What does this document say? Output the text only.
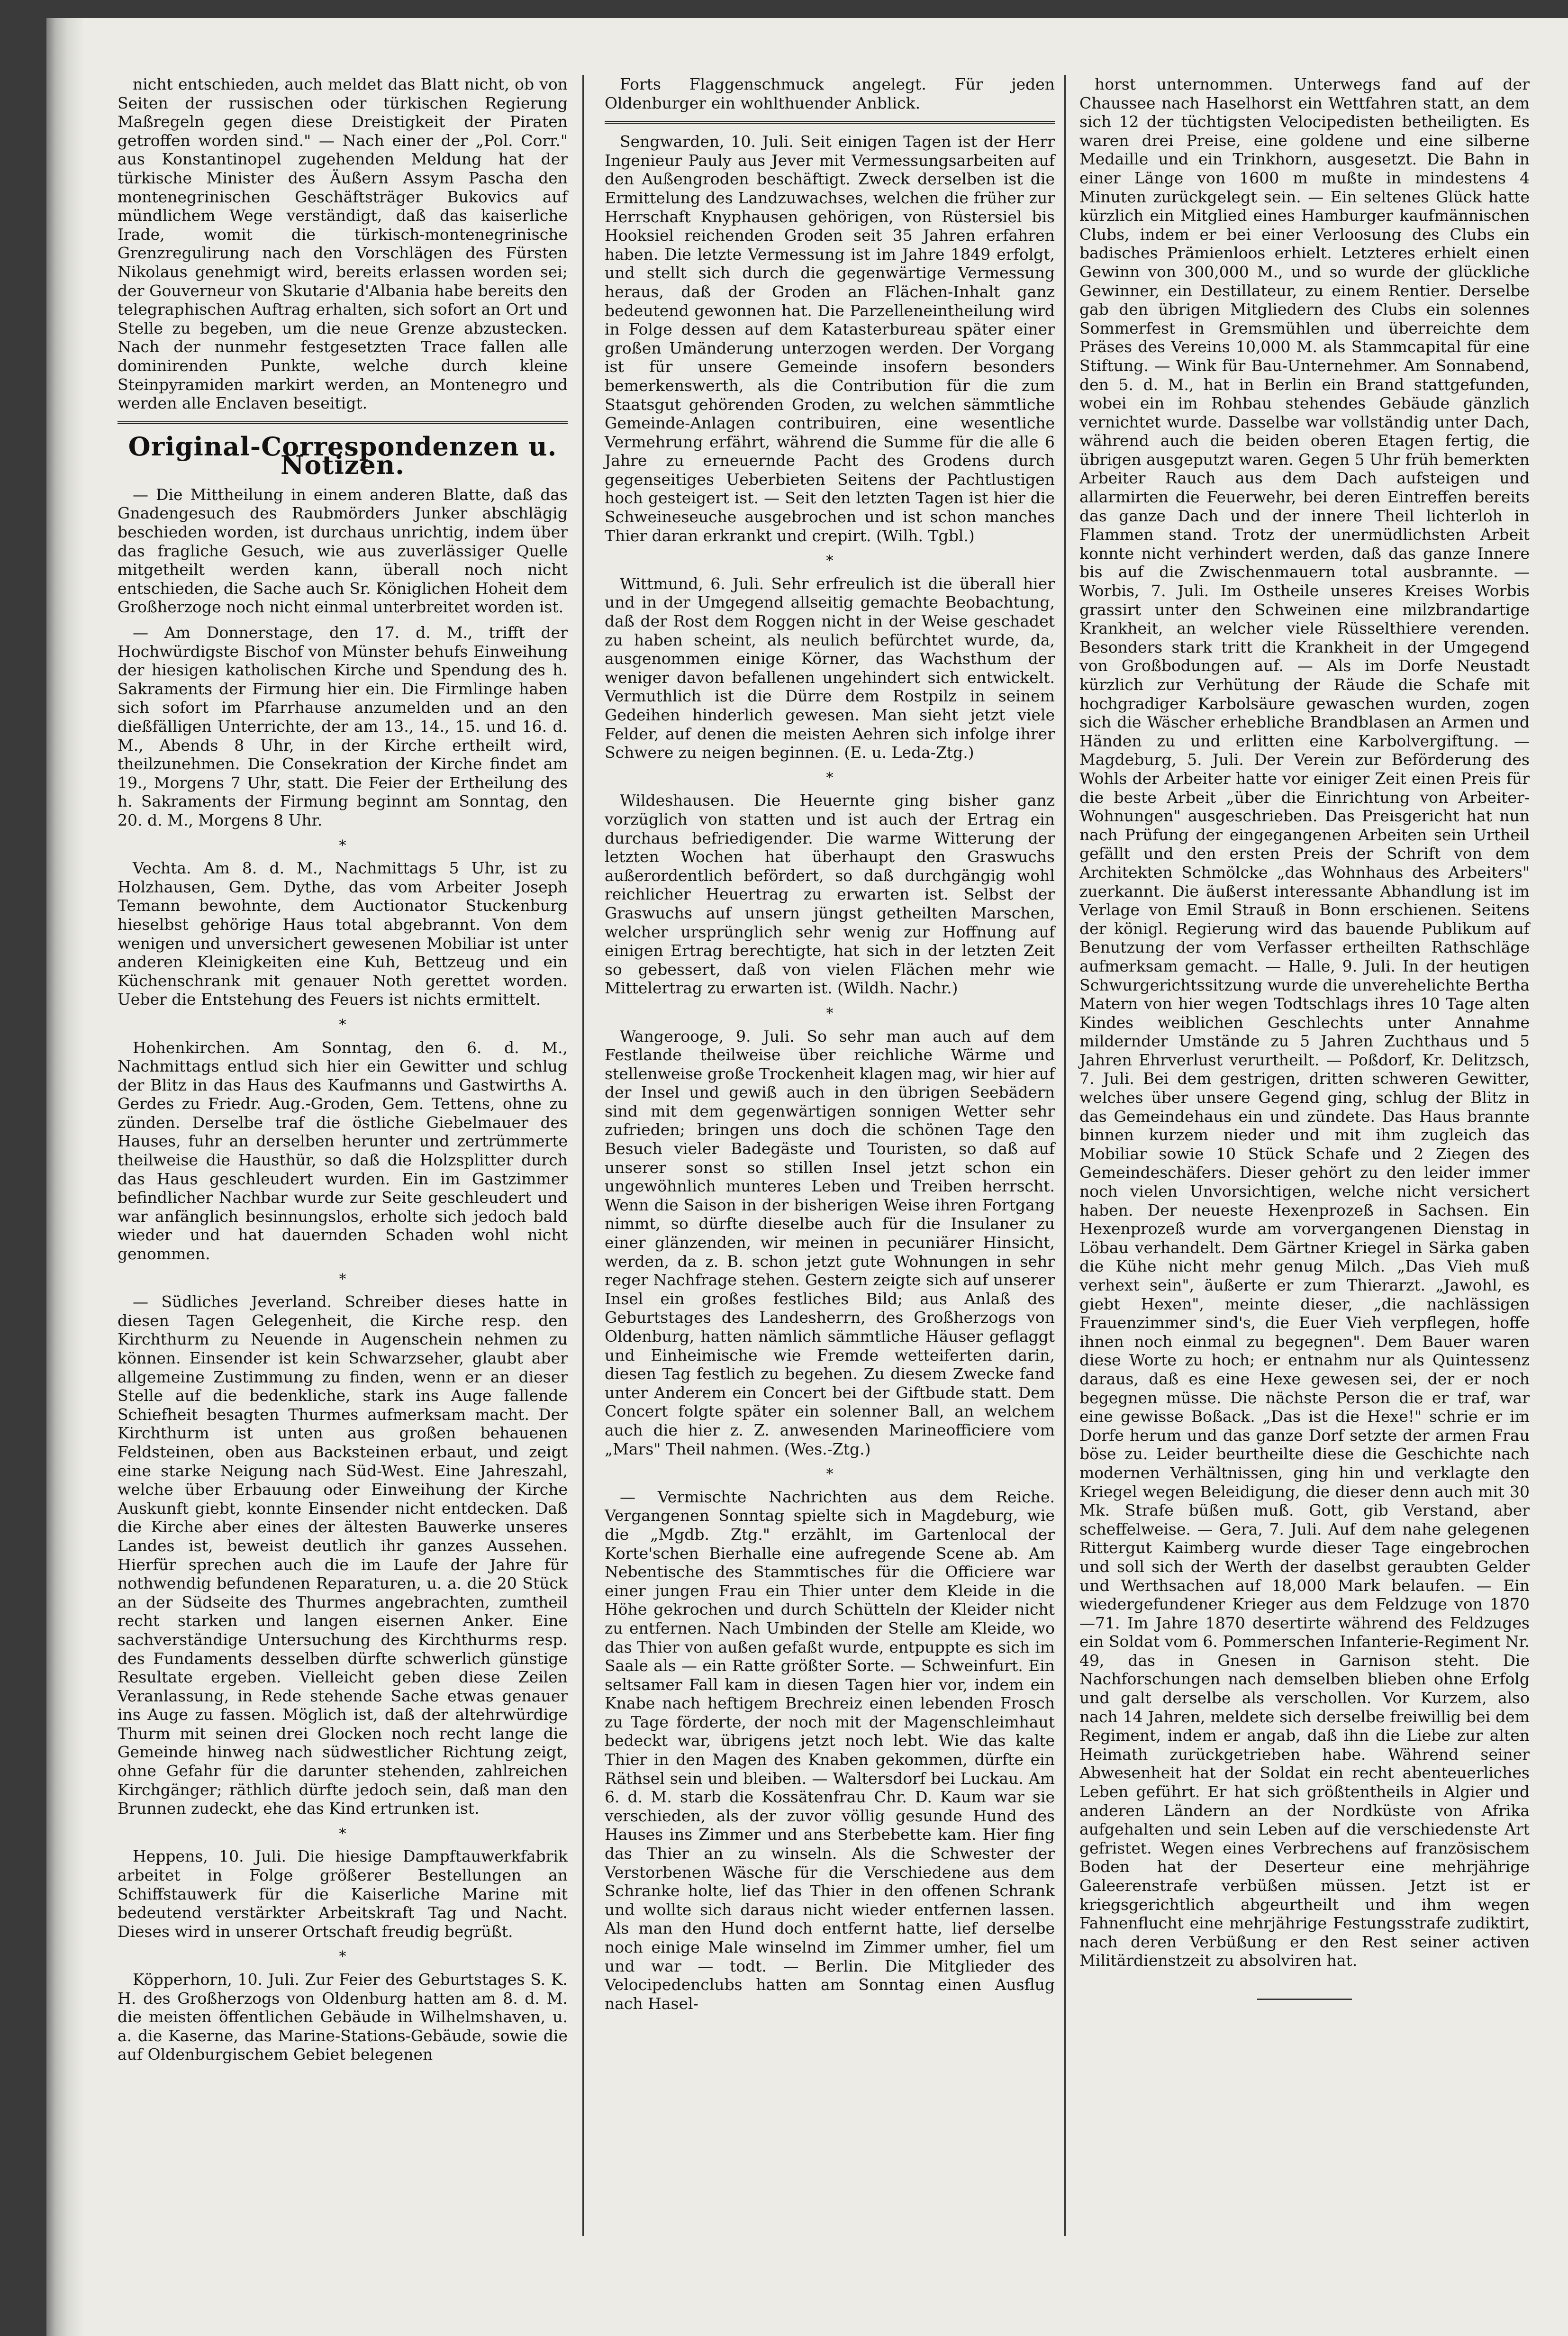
nicht entschieden, auch meldet das Blatt nicht, ob von Seiten der russischen oder türkischen Regierung Maßregeln gegen diese Dreistigkeit der Piraten getroffen worden sind." — Nach einer der „Pol. Corr." aus Konstantinopel zugehenden Meldung hat der türkische Minister des Äußern Assym Pascha den montenegrinischen Geschäftsträger Bukovics auf mündlichem Wege verständigt, daß das kaiserliche Irade, womit die türkisch-montenegrinische Grenzregulirung nach den Vorschlägen des Fürsten Nikolaus genehmigt wird, bereits erlassen worden sei; der Gouverneur von Skutarie d'Albania habe bereits den telegraphischen Auftrag erhalten, sich sofort an Ort und Stelle zu begeben, um die neue Grenze abzustecken. Nach der nunmehr festgesetzten Trace fallen alle dominirenden Punkte, welche durch kleine Steinpyramiden markirt werden, an Montenegro und werden alle Enclaven beseitigt.

Original-Correspondenzen u. Notizen.

— Die Mittheilung in einem anderen Blatte, daß das Gnadengesuch des Raubmörders Junker abschlägig beschieden worden, ist durchaus unrichtig, indem über das fragliche Gesuch, wie aus zuverlässiger Quelle mitgetheilt werden kann, überall noch nicht entschieden, die Sache auch Sr. Königlichen Hoheit dem Großherzoge noch nicht einmal unterbreitet worden ist.

— Am Donnerstage, den 17. d. M., trifft der Hochwürdigste Bischof von Münster behufs Einweihung der hiesigen katholischen Kirche und Spendung des h. Sakraments der Firmung hier ein. Die Firmlinge haben sich sofort im Pfarrhause anzumelden und an den dießfälligen Unterrichte, der am 13., 14., 15. und 16. d. M., Abends 8 Uhr, in der Kirche ertheilt wird, theilzunehmen. Die Consekration der Kirche findet am 19., Morgens 7 Uhr, statt. Die Feier der Ertheilung des h. Sakraments der Firmung beginnt am Sonntag, den 20. d. M., Morgens 8 Uhr.

*

Vechta. Am 8. d. M., Nachmittags 5 Uhr, ist zu Holzhausen, Gem. Dythe, das vom Arbeiter Joseph Temann bewohnte, dem Auctionator Stuckenburg hieselbst gehörige Haus total abgebrannt. Von dem wenigen und unversichert gewesenen Mobiliar ist unter anderen Kleinigkeiten eine Kuh, Bettzeug und ein Küchenschrank mit genauer Noth gerettet worden. Ueber die Entstehung des Feuers ist nichts ermittelt.

*

Hohenkirchen. Am Sonntag, den 6. d. M., Nachmittags entlud sich hier ein Gewitter und schlug der Blitz in das Haus des Kaufmanns und Gastwirths A. Gerdes zu Friedr. Aug.-Groden, Gem. Tettens, ohne zu zünden. Derselbe traf die östliche Giebelmauer des Hauses, fuhr an derselben herunter und zertrümmerte theilweise die Hausthür, so daß die Holzsplitter durch das Haus geschleudert wurden. Ein im Gastzimmer befindlicher Nachbar wurde zur Seite geschleudert und war anfänglich besinnungslos, erholte sich jedoch bald wieder und hat dauernden Schaden wohl nicht genommen.

*

— Südliches Jeverland. Schreiber dieses hatte in diesen Tagen Gelegenheit, die Kirche resp. den Kirchthurm zu Neuende in Augenschein nehmen zu können. Einsender ist kein Schwarzseher, glaubt aber allgemeine Zustimmung zu finden, wenn er an dieser Stelle auf die bedenkliche, stark ins Auge fallende Schiefheit besagten Thurmes aufmerksam macht. Der Kirchthurm ist unten aus großen behauenen Feldsteinen, oben aus Backsteinen erbaut, und zeigt eine starke Neigung nach Süd-West. Eine Jahreszahl, welche über Erbauung oder Einweihung der Kirche Auskunft giebt, konnte Einsender nicht entdecken. Daß die Kirche aber eines der ältesten Bauwerke unseres Landes ist, beweist deutlich ihr ganzes Aussehen. Hierfür sprechen auch die im Laufe der Jahre für nothwendig befundenen Reparaturen, u. a. die 20 Stück an der Südseite des Thurmes angebrachten, zumtheil recht starken und langen eisernen Anker. Eine sachverständige Untersuchung des Kirchthurms resp. des Fundaments desselben dürfte schwerlich günstige Resultate ergeben. Vielleicht geben diese Zeilen Veranlassung, in Rede stehende Sache etwas genauer ins Auge zu fassen. Möglich ist, daß der altehrwürdige Thurm mit seinen drei Glocken noch recht lange die Gemeinde hinweg nach südwestlicher Richtung zeigt, ohne Gefahr für die darunter stehenden, zahlreichen Kirchgänger; räthlich dürfte jedoch sein, daß man den Brunnen zudeckt, ehe das Kind ertrunken ist.

*

Heppens, 10. Juli. Die hiesige Dampftauwerkfabrik arbeitet in Folge größerer Bestellungen an Schiffstauwerk für die Kaiserliche Marine mit bedeutend verstärkter Arbeitskraft Tag und Nacht. Dieses wird in unserer Ortschaft freudig begrüßt.

*

Köpperhorn, 10. Juli. Zur Feier des Geburtstages S. K. H. des Großherzogs von Oldenburg hatten am 8. d. M. die meisten öffentlichen Gebäude in Wilhelmshaven, u. a. die Kaserne, das Marine-Stations-Gebäude, sowie die auf Oldenburgischem Gebiet belegenen

Forts Flaggenschmuck angelegt. Für jeden Oldenburger ein wohlthuender Anblick.

Sengwarden, 10. Juli. Seit einigen Tagen ist der Herr Ingenieur Pauly aus Jever mit Vermessungsarbeiten auf den Außengroden beschäftigt. Zweck derselben ist die Ermittelung des Landzuwachses, welchen die früher zur Herrschaft Knyphausen gehörigen, von Rüstersiel bis Hooksiel reichenden Groden seit 35 Jahren erfahren haben. Die letzte Vermessung ist im Jahre 1849 erfolgt, und stellt sich durch die gegenwärtige Vermessung heraus, daß der Groden an Flächen-Inhalt ganz bedeutend gewonnen hat. Die Parzelleneintheilung wird in Folge dessen auf dem Katasterbureau später einer großen Umänderung unterzogen werden. Der Vorgang ist für unsere Gemeinde insofern besonders bemerkenswerth, als die Contribution für die zum Staatsgut gehörenden Groden, zu welchen sämmtliche Gemeinde-Anlagen contribuiren, eine wesentliche Vermehrung erfährt, während die Summe für die alle 6 Jahre zu erneuernde Pacht des Grodens durch gegenseitiges Ueberbieten Seitens der Pachtlustigen hoch gesteigert ist. — Seit den letzten Tagen ist hier die Schweineseuche ausgebrochen und ist schon manches Thier daran erkrankt und crepirt. (Wilh. Tgbl.)

*

Wittmund, 6. Juli. Sehr erfreulich ist die überall hier und in der Umgegend allseitig gemachte Beobachtung, daß der Rost dem Roggen nicht in der Weise geschadet zu haben scheint, als neulich befürchtet wurde, da, ausgenommen einige Körner, das Wachsthum der weniger davon befallenen ungehindert sich entwickelt. Vermuthlich ist die Dürre dem Rostpilz in seinem Gedeihen hinderlich gewesen. Man sieht jetzt viele Felder, auf denen die meisten Aehren sich infolge ihrer Schwere zu neigen beginnen. (E. u. Leda-Ztg.)

*

Wildeshausen. Die Heuernte ging bisher ganz vorzüglich von statten und ist auch der Ertrag ein durchaus befriedigender. Die warme Witterung der letzten Wochen hat überhaupt den Graswuchs außerordentlich befördert, so daß durchgängig wohl reichlicher Heuertrag zu erwarten ist. Selbst der Graswuchs auf unsern jüngst getheilten Marschen, welcher ursprünglich sehr wenig zur Hoffnung auf einigen Ertrag berechtigte, hat sich in der letzten Zeit so gebessert, daß von vielen Flächen mehr wie Mittelertrag zu erwarten ist. (Wildh. Nachr.)

*

Wangerooge, 9. Juli. So sehr man auch auf dem Festlande theilweise über reichliche Wärme und stellenweise große Trockenheit klagen mag, wir hier auf der Insel und gewiß auch in den übrigen Seebädern sind mit dem gegenwärtigen sonnigen Wetter sehr zufrieden; bringen uns doch die schönen Tage den Besuch vieler Badegäste und Touristen, so daß auf unserer sonst so stillen Insel jetzt schon ein ungewöhnlich munteres Leben und Treiben herrscht. Wenn die Saison in der bisherigen Weise ihren Fortgang nimmt, so dürfte dieselbe auch für die Insulaner zu einer glänzenden, wir meinen in pecuniärer Hinsicht, werden, da z. B. schon jetzt gute Wohnungen in sehr reger Nachfrage stehen. Gestern zeigte sich auf unserer Insel ein großes festliches Bild; aus Anlaß des Geburtstages des Landesherrn, des Großherzogs von Oldenburg, hatten nämlich sämmtliche Häuser geflaggt und Einheimische wie Fremde wetteiferten darin, diesen Tag festlich zu begehen. Zu diesem Zwecke fand unter Anderem ein Concert bei der Giftbude statt. Dem Concert folgte später ein solenner Ball, an welchem auch die hier z. Z. anwesenden Marineofficiere vom „Mars" Theil nahmen. (Wes.-Ztg.)

*

— Vermischte Nachrichten aus dem Reiche. Vergangenen Sonntag spielte sich in Magdeburg, wie die „Mgdb. Ztg." erzählt, im Gartenlocal der Korte'schen Bierhalle eine aufregende Scene ab. Am Nebentische des Stammtisches für die Officiere war einer jungen Frau ein Thier unter dem Kleide in die Höhe gekrochen und durch Schütteln der Kleider nicht zu entfernen. Nach Umbinden der Stelle am Kleide, wo das Thier von außen gefaßt wurde, entpuppte es sich im Saale als — ein Ratte größter Sorte. — Schweinfurt. Ein seltsamer Fall kam in diesen Tagen hier vor, indem ein Knabe nach heftigem Brechreiz einen lebenden Frosch zu Tage förderte, der noch mit der Magenschleimhaut bedeckt war, übrigens jetzt noch lebt. Wie das kalte Thier in den Magen des Knaben gekommen, dürfte ein Räthsel sein und bleiben. — Waltersdorf bei Luckau. Am 6. d. M. starb die Kossätenfrau Chr. D. Kaum war sie verschieden, als der zuvor völlig gesunde Hund des Hauses ins Zimmer und ans Sterbebette kam. Hier fing das Thier an zu winseln. Als die Schwester der Verstorbenen Wäsche für die Verschiedene aus dem Schranke holte, lief das Thier in den offenen Schrank und wollte sich daraus nicht wieder entfernen lassen. Als man den Hund doch entfernt hatte, lief derselbe noch einige Male winselnd im Zimmer umher, fiel um und war — todt. — Berlin. Die Mitglieder des Velocipedenclubs hatten am Sonntag einen Ausflug nach Hasel-

horst unternommen. Unterwegs fand auf der Chaussee nach Haselhorst ein Wettfahren statt, an dem sich 12 der tüchtigsten Velocipedisten betheiligten. Es waren drei Preise, eine goldene und eine silberne Medaille und ein Trinkhorn, ausgesetzt. Die Bahn in einer Länge von 1600 m mußte in mindestens 4 Minuten zurückgelegt sein. — Ein seltenes Glück hatte kürzlich ein Mitglied eines Hamburger kaufmännischen Clubs, indem er bei einer Verloosung des Clubs ein badisches Prämienloos erhielt. Letzteres erhielt einen Gewinn von 300,000 M., und so wurde der glückliche Gewinner, ein Destillateur, zu einem Rentier. Derselbe gab den übrigen Mitgliedern des Clubs ein solennes Sommerfest in Gremsmühlen und überreichte dem Präses des Vereins 10,000 M. als Stammcapital für eine Stiftung. — Wink für Bau-Unternehmer. Am Sonnabend, den 5. d. M., hat in Berlin ein Brand stattgefunden, wobei ein im Rohbau stehendes Gebäude gänzlich vernichtet wurde. Dasselbe war vollständig unter Dach, während auch die beiden oberen Etagen fertig, die übrigen ausgeputzt waren. Gegen 5 Uhr früh bemerkten Arbeiter Rauch aus dem Dach aufsteigen und allarmirten die Feuerwehr, bei deren Eintreffen bereits das ganze Dach und der innere Theil lichterloh in Flammen stand. Trotz der unermüdlichsten Arbeit konnte nicht verhindert werden, daß das ganze Innere bis auf die Zwischenmauern total ausbrannte. — Worbis, 7. Juli. Im Ostheile unseres Kreises Worbis grassirt unter den Schweinen eine milzbrandartige Krankheit, an welcher viele Rüsselthiere verenden. Besonders stark tritt die Krankheit in der Umgegend von Großbodungen auf. — Als im Dorfe Neustadt kürzlich zur Verhütung der Räude die Schafe mit hochgradiger Karbolsäure gewaschen wurden, zogen sich die Wäscher erhebliche Brandblasen an Armen und Händen zu und erlitten eine Karbolvergiftung. — Magdeburg, 5. Juli. Der Verein zur Beförderung des Wohls der Arbeiter hatte vor einiger Zeit einen Preis für die beste Arbeit „über die Einrichtung von Arbeiter-Wohnungen" ausgeschrieben. Das Preisgericht hat nun nach Prüfung der eingegangenen Arbeiten sein Urtheil gefällt und den ersten Preis der Schrift von dem Architekten Schmölcke „das Wohnhaus des Arbeiters" zuerkannt. Die äußerst interessante Abhandlung ist im Verlage von Emil Strauß in Bonn erschienen. Seitens der königl. Regierung wird das bauende Publikum auf Benutzung der vom Verfasser ertheilten Rathschläge aufmerksam gemacht. — Halle, 9. Juli. In der heutigen Schwurgerichtssitzung wurde die unverehelichte Bertha Matern von hier wegen Todtschlags ihres 10 Tage alten Kindes weiblichen Geschlechts unter Annahme mildernder Umstände zu 5 Jahren Zuchthaus und 5 Jahren Ehrverlust verurtheilt. — Poßdorf, Kr. Delitzsch, 7. Juli. Bei dem gestrigen, dritten schweren Gewitter, welches über unsere Gegend ging, schlug der Blitz in das Gemeindehaus ein und zündete. Das Haus brannte binnen kurzem nieder und mit ihm zugleich das Mobiliar sowie 10 Stück Schafe und 2 Ziegen des Gemeindeschäfers. Dieser gehört zu den leider immer noch vielen Unvorsichtigen, welche nicht versichert haben. Der neueste Hexenprozeß in Sachsen. Ein Hexenprozeß wurde am vorvergangenen Dienstag in Löbau verhandelt. Dem Gärtner Kriegel in Särka gaben die Kühe nicht mehr genug Milch. „Das Vieh muß verhext sein", äußerte er zum Thierarzt. „Jawohl, es giebt Hexen", meinte dieser, „die nachlässigen Frauenzimmer sind's, die Euer Vieh verpflegen, hoffe ihnen noch einmal zu begegnen". Dem Bauer waren diese Worte zu hoch; er entnahm nur als Quintessenz daraus, daß es eine Hexe gewesen sei, der er noch begegnen müsse. Die nächste Person die er traf, war eine gewisse Boßack. „Das ist die Hexe!" schrie er im Dorfe herum und das ganze Dorf setzte der armen Frau böse zu. Leider beurtheilte diese die Geschichte nach modernen Verhältnissen, ging hin und verklagte den Kriegel wegen Beleidigung, die dieser denn auch mit 30 Mk. Strafe büßen muß. Gott, gib Verstand, aber scheffelweise. — Gera, 7. Juli. Auf dem nahe gelegenen Rittergut Kaimberg wurde dieser Tage eingebrochen und soll sich der Werth der daselbst geraubten Gelder und Werthsachen auf 18,000 Mark belaufen. — Ein wiedergefundener Krieger aus dem Feldzuge von 1870—71. Im Jahre 1870 desertirte während des Feldzuges ein Soldat vom 6. Pommerschen Infanterie-Regiment Nr. 49, das in Gnesen in Garnison steht. Die Nachforschungen nach demselben blieben ohne Erfolg und galt derselbe als verschollen. Vor Kurzem, also nach 14 Jahren, meldete sich derselbe freiwillig bei dem Regiment, indem er angab, daß ihn die Liebe zur alten Heimath zurückgetrieben habe. Während seiner Abwesenheit hat der Soldat ein recht abenteuerliches Leben geführt. Er hat sich größtentheils in Algier und anderen Ländern an der Nordküste von Afrika aufgehalten und sein Leben auf die verschiedenste Art gefristet. Wegen eines Verbrechens auf französischem Boden hat der Deserteur eine mehrjährige Galeerenstrafe verbüßen müssen. Jetzt ist er kriegsgerichtlich abgeurtheilt und ihm wegen Fahnenflucht eine mehrjährige Festungsstrafe zudiktirt, nach deren Verbüßung er den Rest seiner activen Militärdienstzeit zu absolviren hat.
